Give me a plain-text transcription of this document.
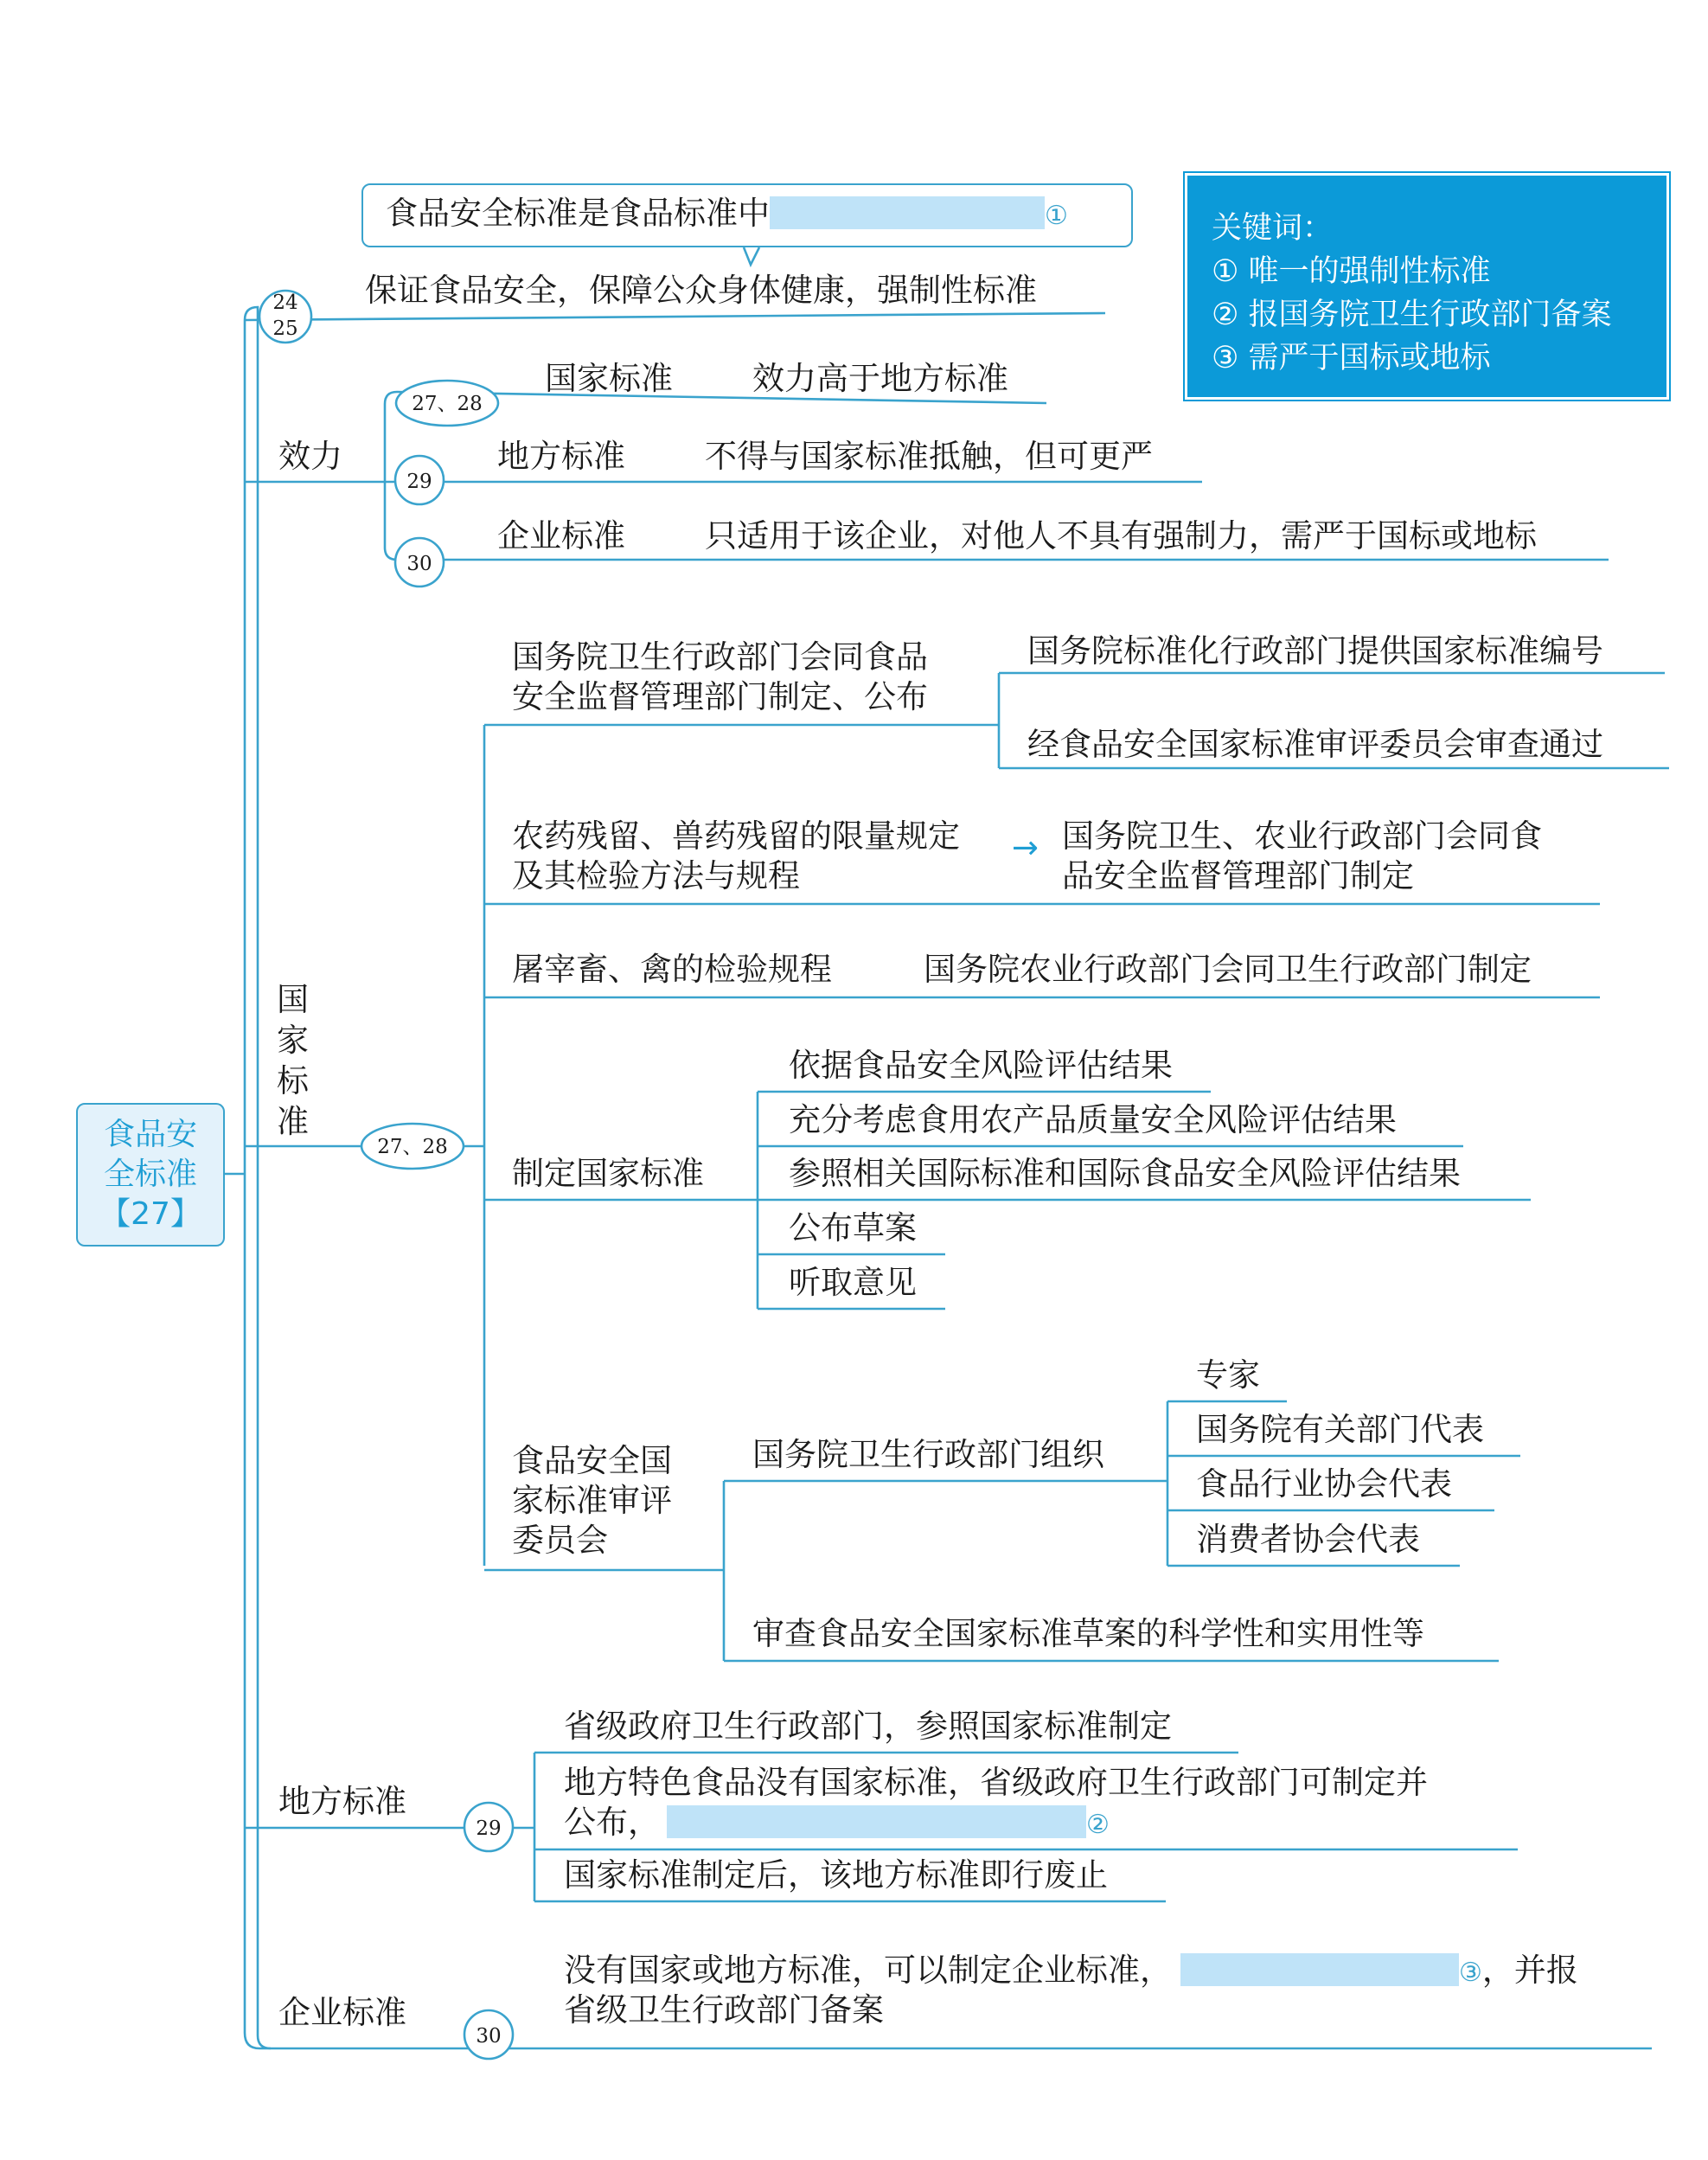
24
25
27、28
29
30
27、28
29
30
食品安
全标准
【27】
食品安全标准是食品标准中	①	关键词：
① 唯一的强制性标准
② 报国务院卫生行政部门备案
③ 需严于国标或地标
保证食品安全，保障公众身体健康，强制性标准
效力
国家标准 效力高于地方标准
地方标准 不得与国家标准抵触，但可更严
企业标准 只适用于该企业，对他人不具有强制力，需严于国标或地标
国
家
标
准
国务院卫生行政部门会同食品
安全监督管理部门制定、公布
国务院标准化行政部门提供国家标准编号
经食品安全国家标准审评委员会审查通过
农药残留、兽药残留的限量规定
及其检验方法与规程
→ 国务院卫生、农业行政部门会同食
品安全监督管理部门制定
屠宰畜、禽的检验规程	国务院农业行政部门会同卫生行政部门制定
制定国家标准
依据食品安全风险评估结果
充分考虑食用农产品质量安全风险评估结果
参照相关国际标准和国际食品安全风险评估结果
公布草案
听取意见
食品安全国
家标准审评
委员会
国务院卫生行政部门组织
专家
国务院有关部门代表
食品行业协会代表
消费者协会代表
审查食品安全国家标准草案的科学性和实用性等
地方标准
省级政府卫生行政部门，参照国家标准制定
地方特色食品没有国家标准，省级政府卫生行政部门可制定并
公布，	②
国家标准制定后，该地方标准即行废止
企业标准
没有国家或地方标准，可以制定企业标准，	③，并报
省级卫生行政部门备案
